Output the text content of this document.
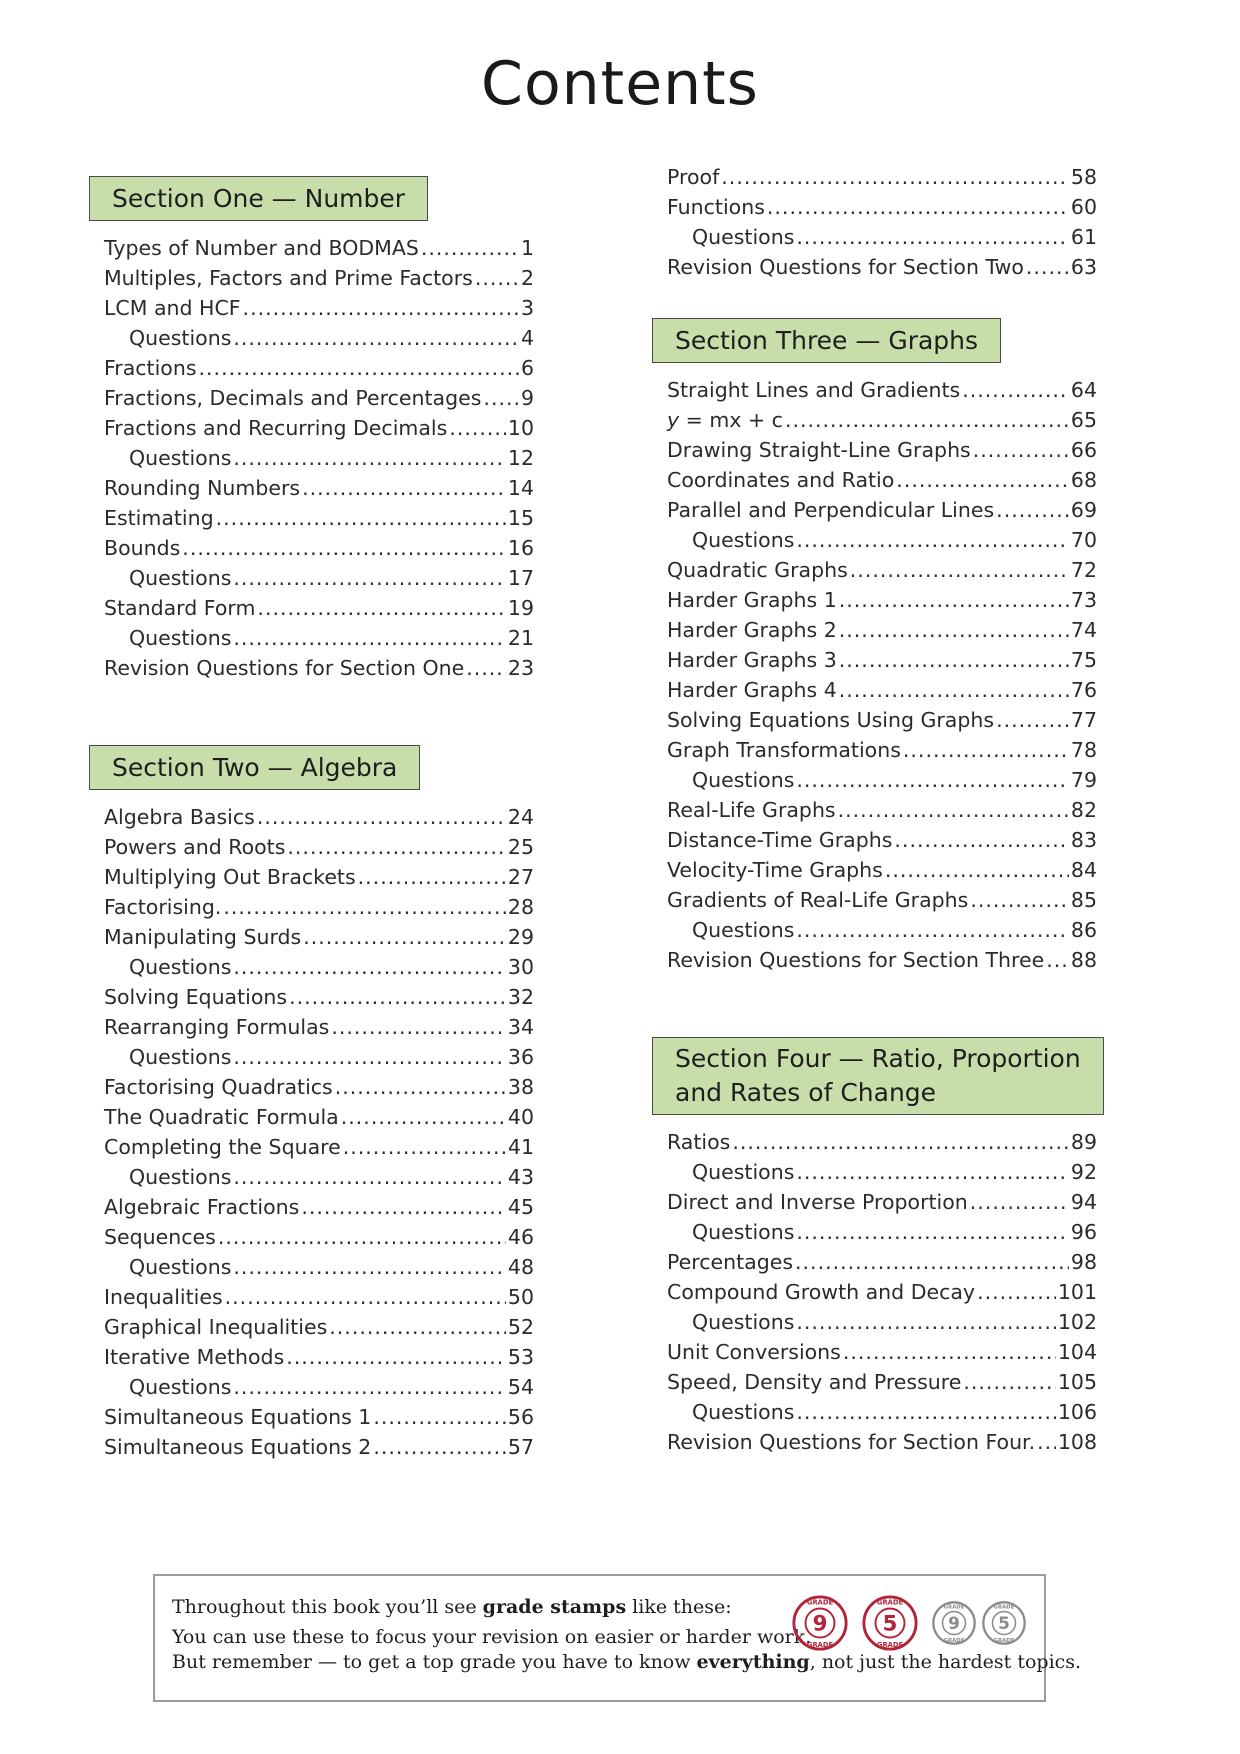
Contents
Section One — Number
Types of Number and BODMAS .....	1
Multiples, Factors and Prime Factors ..... 2
LCM and HCF .....	3
Questions .....	4
Fractions .....	6
Fractions, Decimals and Percentages ..... 9
Fractions and Recurring Decimals .....	10
Questions .....	12
Rounding Numbers .....	14
Estimating .....	15
Bounds .....	16
Questions .....	17
Standard Form .....	19
Questions .....	21
Revision Questions for Section One ..... 23
Section Two — Algebra
Algebra Basics .....	24
Powers and Roots .....	25
Multiplying Out Brackets .....	27
Factorising. .....	28
Manipulating Surds .....	29
Questions .....	30
Solving Equations .....	32
Rearranging Formulas .....	34
Questions .....	36
Factorising Quadratics .....	38
The Quadratic Formula .....	40
Completing the Square .....	41
Questions .....	43
Algebraic Fractions .....	45
Sequences .....	46
Questions .....	48
Inequalities .....	50
Graphical Inequalities .....	52
Iterative Methods .....	53
Questions .....	54
Simultaneous Equations 1 .....	56
Simultaneous Equations 2 .....	57
Proof .....	58
Functions .....	60
Questions .....	61
Revision Questions for Section Two ..... 63
Section Three — Graphs
Straight Lines and Gradients .....	64
y = mx + c .....	65
Drawing Straight-Line Graphs .....	66
Coordinates and Ratio .....	68
Parallel and Perpendicular Lines .....	69
Questions .....	70
Quadratic Graphs .....	72
Harder Graphs 1 .....	73
Harder Graphs 2 .....	74
Harder Graphs 3 .....	75
Harder Graphs 4 .....	76
Solving Equations Using Graphs .....	77
Graph Transformations .....	78
Questions .....	79
Real-Life Graphs .....	82
Distance-Time Graphs .....	83
Velocity-Time Graphs .....	84
Gradients of Real-Life Graphs .....	85
Questions .....	86
Revision Questions for Section Three ..... 88
Section Four — Ratio, Proportion
and Rates of Change
Ratios .....	89
Questions .....	92
Direct and Inverse Proportion .....	94
Questions .....	96
Percentages .....	98
Compound Growth and Decay .....	101
Questions .....	102
Unit Conversions .....	104
Speed, Density and Pressure .....	105
Questions .....	106
Revision Questions for Section Four. ..... 108
Throughout this book you’ll see grade stamps like these:
You can use these to focus your revision on easier or harder work.
But remember — to get a top grade you have to know everything, not just the hardest topics.
GRADE
GRADE
9
GRADE
GRADE
5
GRADE
GRADE
9
GRADE
GRADE
5
